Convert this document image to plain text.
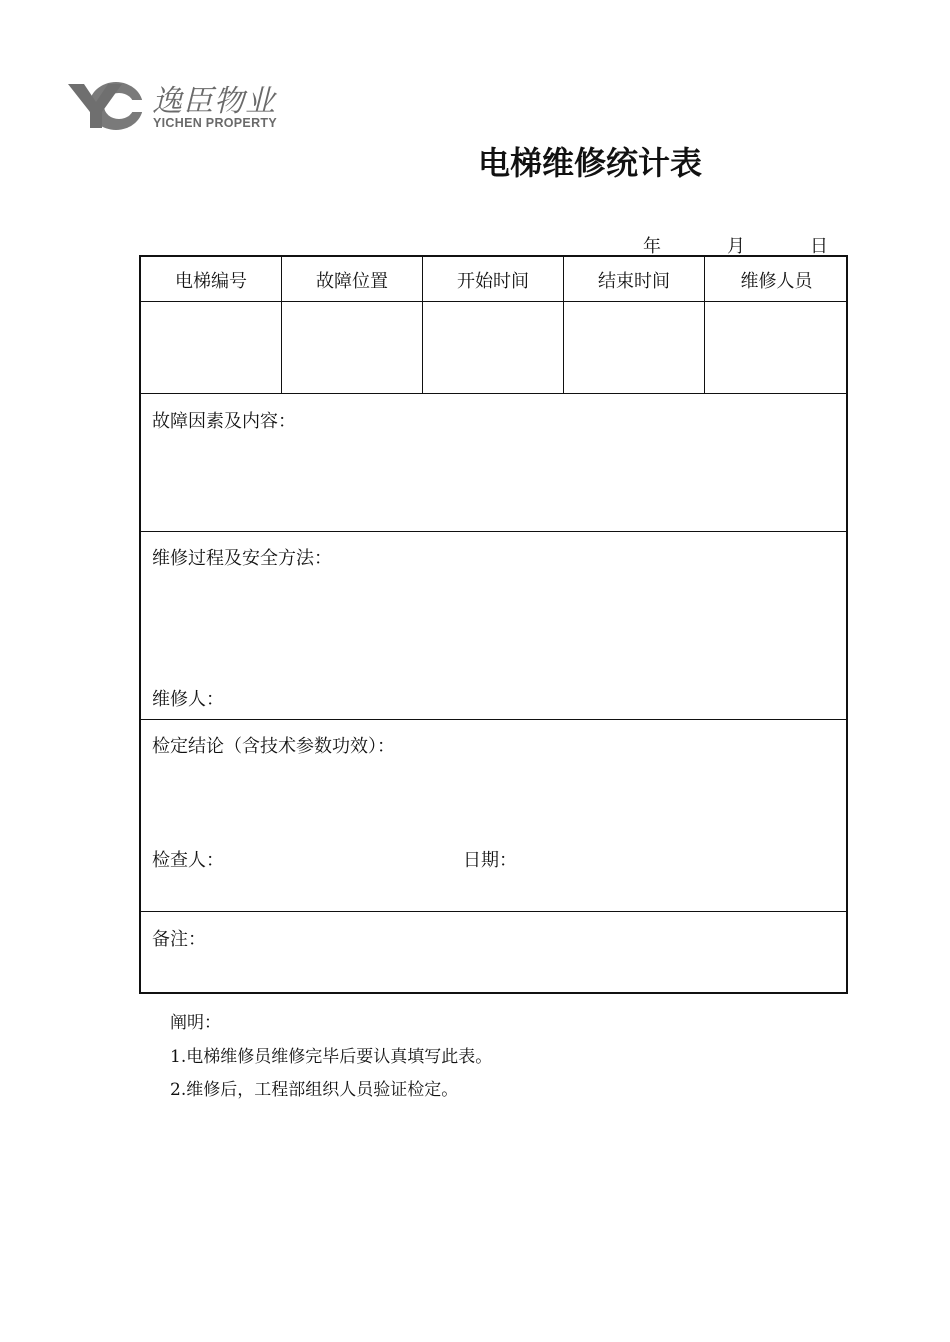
逸臣物业
YICHEN PROPERTY
电梯维修统计表
年	月	日
电梯编号	故障位置	开始时间	结束时间	维修人员
故障因素及内容：
维修过程及安全方法：
维修人：
检定结论（含技术参数功效）：
检查人：	日期：
备注：
阐明：
1.电梯维修员维修完毕后要认真填写此表。
2.维修后，工程部组织人员验证检定。
